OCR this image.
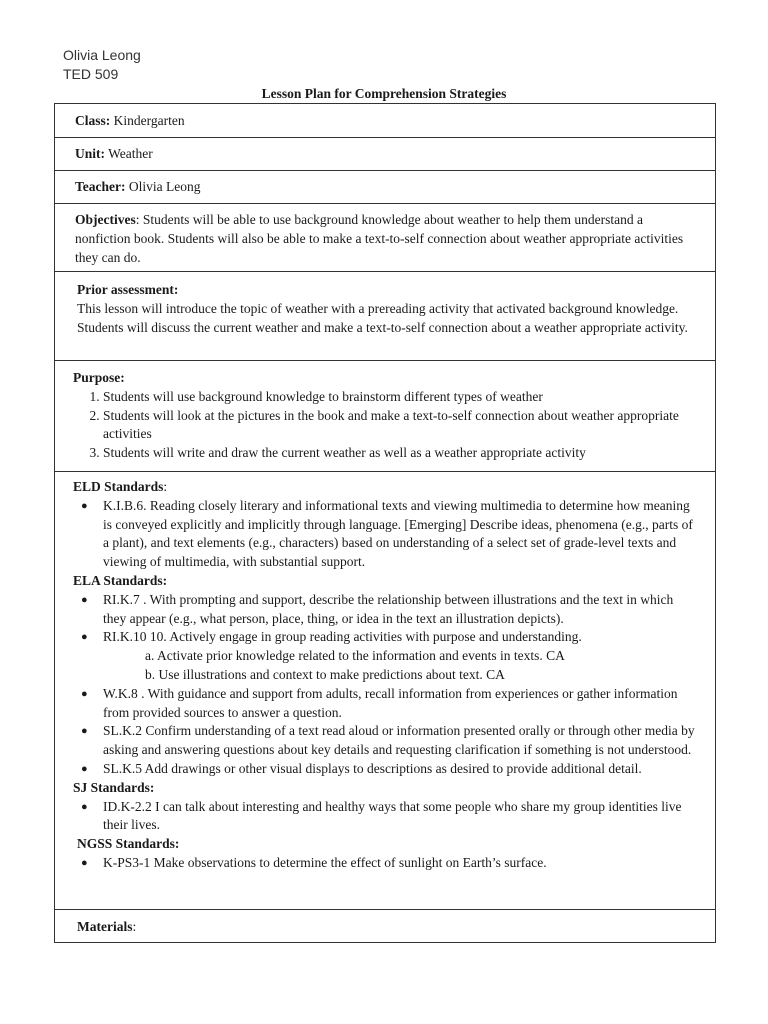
Olivia Leong
TED 509
Lesson Plan for Comprehension Strategies
Class: Kindergarten
Unit: Weather
Teacher: Olivia Leong
Objectives: Students will be able to use background knowledge about weather to help them understand a nonfiction book. Students will also be able to make a text-to-self connection about weather appropriate activities they can do.

Prior assessment:
This lesson will introduce the topic of weather with a prereading activity that activated background knowledge. Students will discuss the current weather and make a text-to-self connection about a weather appropriate activity.

Purpose:
1. Students will use background knowledge to brainstorm different types of weather
2. Students will look at the pictures in the book and make a text-to-self connection about weather appropriate activities
3. Students will write and draw the current weather as well as a weather appropriate activity

ELD Standards:
● K.I.B.6. Reading closely literary and informational texts and viewing multimedia to determine how meaning is conveyed explicitly and implicitly through language. [Emerging] Describe ideas, phenomena (e.g., parts of a plant), and text elements (e.g., characters) based on understanding of a select set of grade-level texts and viewing of multimedia, with substantial support.
ELA Standards:
● RI.K.7 . With prompting and support, describe the relationship between illustrations and the text in which they appear (e.g., what person, place, thing, or idea in the text an illustration depicts).
● RI.K.10 10. Actively engage in group reading activities with purpose and understanding.
a. Activate prior knowledge related to the information and events in texts. CA
b. Use illustrations and context to make predictions about text. CA
● W.K.8 . With guidance and support from adults, recall information from experiences or gather information from provided sources to answer a question.
● SL.K.2 Confirm understanding of a text read aloud or information presented orally or through other media by asking and answering questions about key details and requesting clarification if something is not understood.
● SL.K.5 Add drawings or other visual displays to descriptions as desired to provide additional detail.
SJ Standards:
● ID.K-2.2 I can talk about interesting and healthy ways that some people who share my group identities live their lives.
NGSS Standards:
● K-PS3-1 Make observations to determine the effect of sunlight on Earth’s surface.

Materials:
